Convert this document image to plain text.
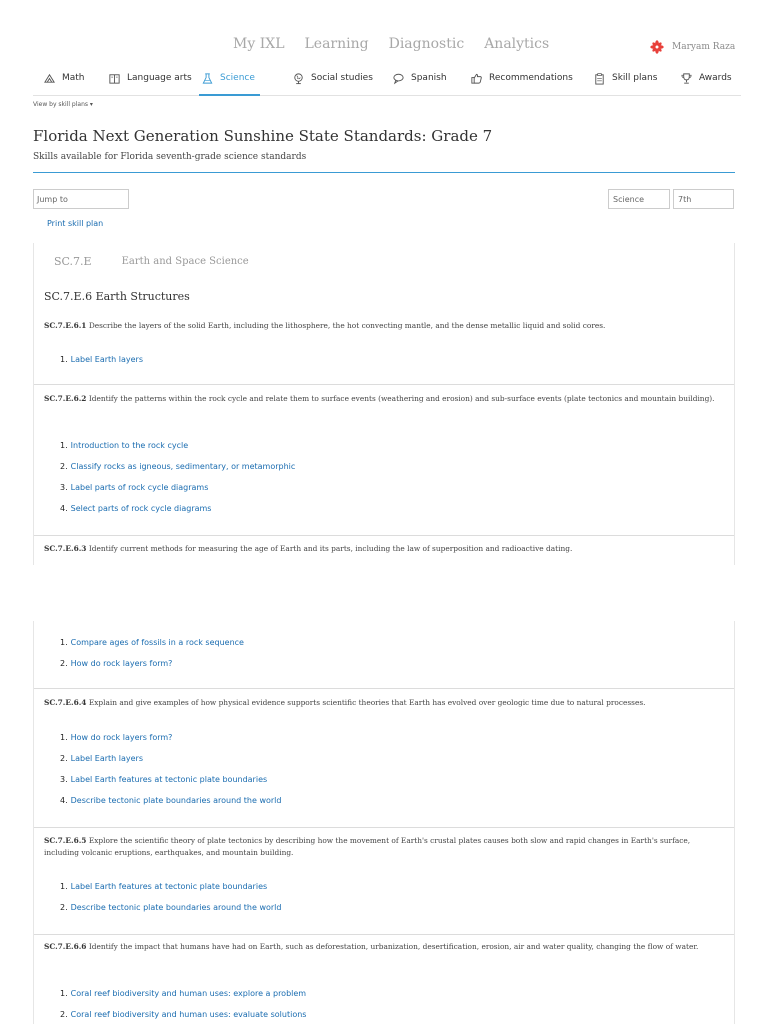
My IXL Learning Diagnostic Analytics	Maryam Raza
Math	Language arts	Science	Social studies	Spanish	Recommendations	Skill plans	Awards
View by skill plans ▾
Florida Next Generation Sunshine State Standards: Grade 7
Skills available for Florida seventh-grade science standards
Jump to	Science	7th
Print skill plan
SC.7.E	Earth and Space Science
SC.7.E.6 Earth Structures
SC.7.E.6.1 Describe the layers of the solid Earth, including the lithosphere, the hot convecting mantle, and the dense metallic liquid and solid cores.
1. Label Earth layers
SC.7.E.6.2 Identify the patterns within the rock cycle and relate them to surface events (weathering and erosion) and sub-surface events (plate tectonics and mountain building).
1. Introduction to the rock cycle
2. Classify rocks as igneous, sedimentary, or metamorphic
3. Label parts of rock cycle diagrams
4. Select parts of rock cycle diagrams
SC.7.E.6.3 Identify current methods for measuring the age of Earth and its parts, including the law of superposition and radioactive dating.
1. Compare ages of fossils in a rock sequence
2. How do rock layers form?
SC.7.E.6.4 Explain and give examples of how physical evidence supports scientific theories that Earth has evolved over geologic time due to natural processes.
1. How do rock layers form?
2. Label Earth layers
3. Label Earth features at tectonic plate boundaries
4. Describe tectonic plate boundaries around the world
SC.7.E.6.5 Explore the scientific theory of plate tectonics by describing how the movement of Earth's crustal plates causes both slow and rapid changes in Earth's surface, including volcanic eruptions, earthquakes, and mountain building.
1. Label Earth features at tectonic plate boundaries
2. Describe tectonic plate boundaries around the world
SC.7.E.6.6 Identify the impact that humans have had on Earth, such as deforestation, urbanization, desertification, erosion, air and water quality, changing the flow of water.
1. Coral reef biodiversity and human uses: explore a problem
2. Coral reef biodiversity and human uses: evaluate solutions
